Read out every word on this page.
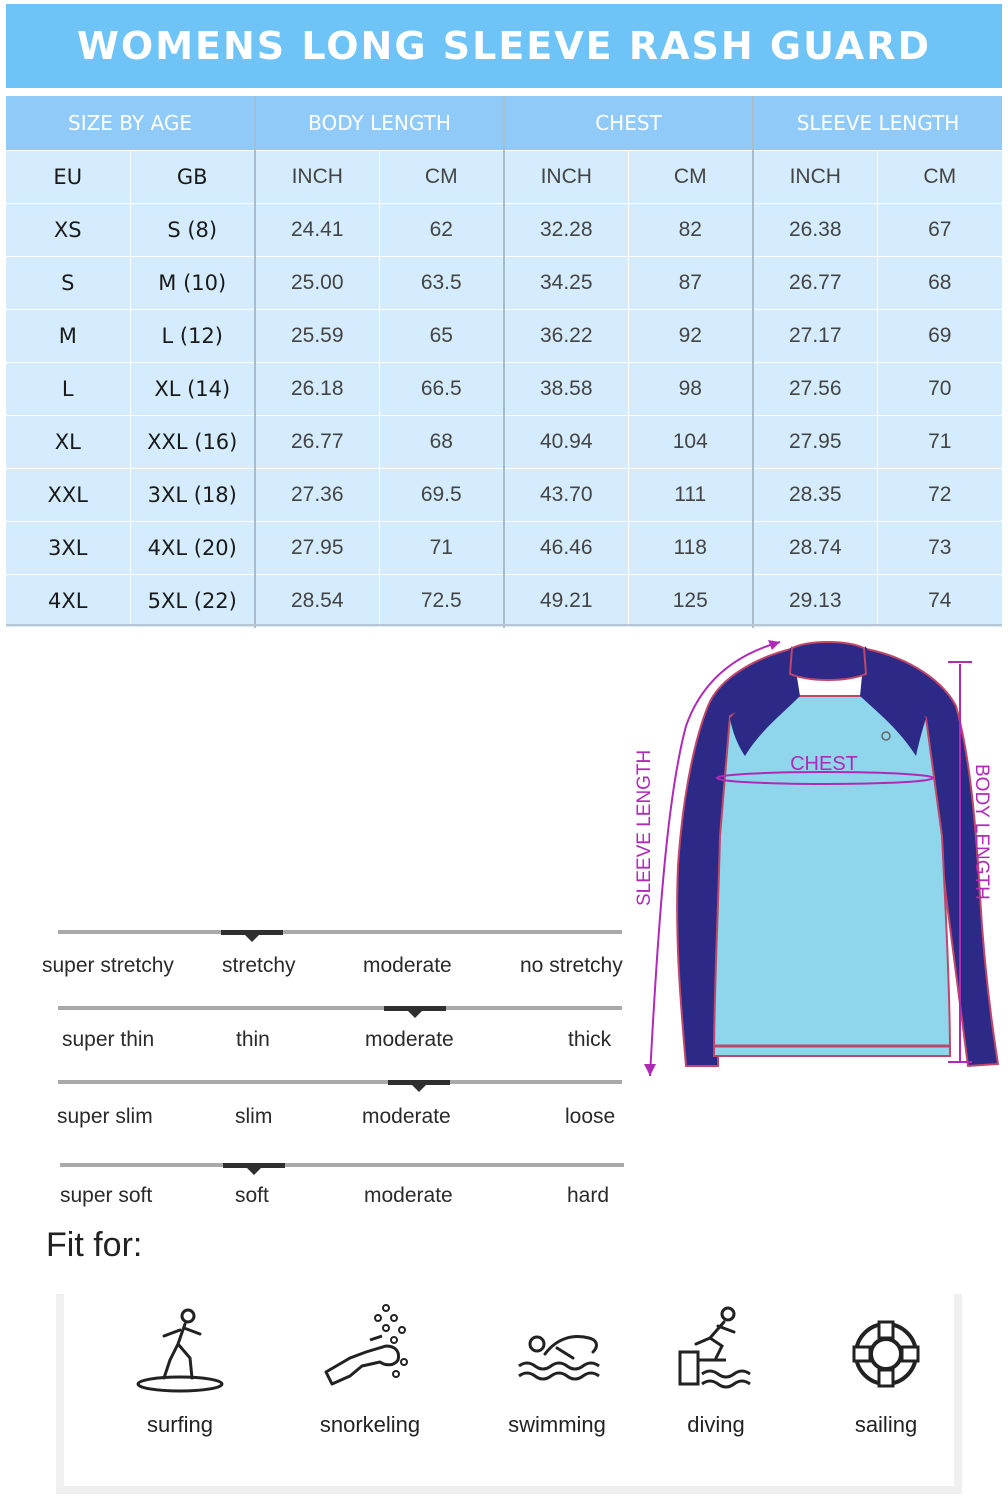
WOMENS LONG SLEEVE RASH GUARD
SIZE BY AGE		BODY LENGTH		CHEST		SLEEVE LENGTH	
EU	GB	INCH	CM	INCH	CM	INCH	CM
XS	S (8)	24.41	62	32.28	82	26.38	67
S	M (10)	25.00	63.5	34.25	87	26.77	68
M	L (12)	25.59	65	36.22	92	27.17	69
L	XL (14)	26.18	66.5	38.58	98	27.56	70
XL	XXL (16)	26.77	68	40.94	104	27.95	71
XXL	3XL (18)	27.36	69.5	43.70	111	28.35	72
3XL	4XL (20)	27.95	71	46.46	118	28.74	73
4XL	5XL (22)	28.54	72.5	49.21	125	29.13	74
CHEST
SLEEVE LENGTH	BODY LENGTH
super stretchy stretchy	moderate	no stretchy
super thin	thin	moderate	thick
super slim	slim	moderate	loose
super soft	soft	moderate	hard
Fit for:
surfing	snorkeling	swimming	diving	sailing
